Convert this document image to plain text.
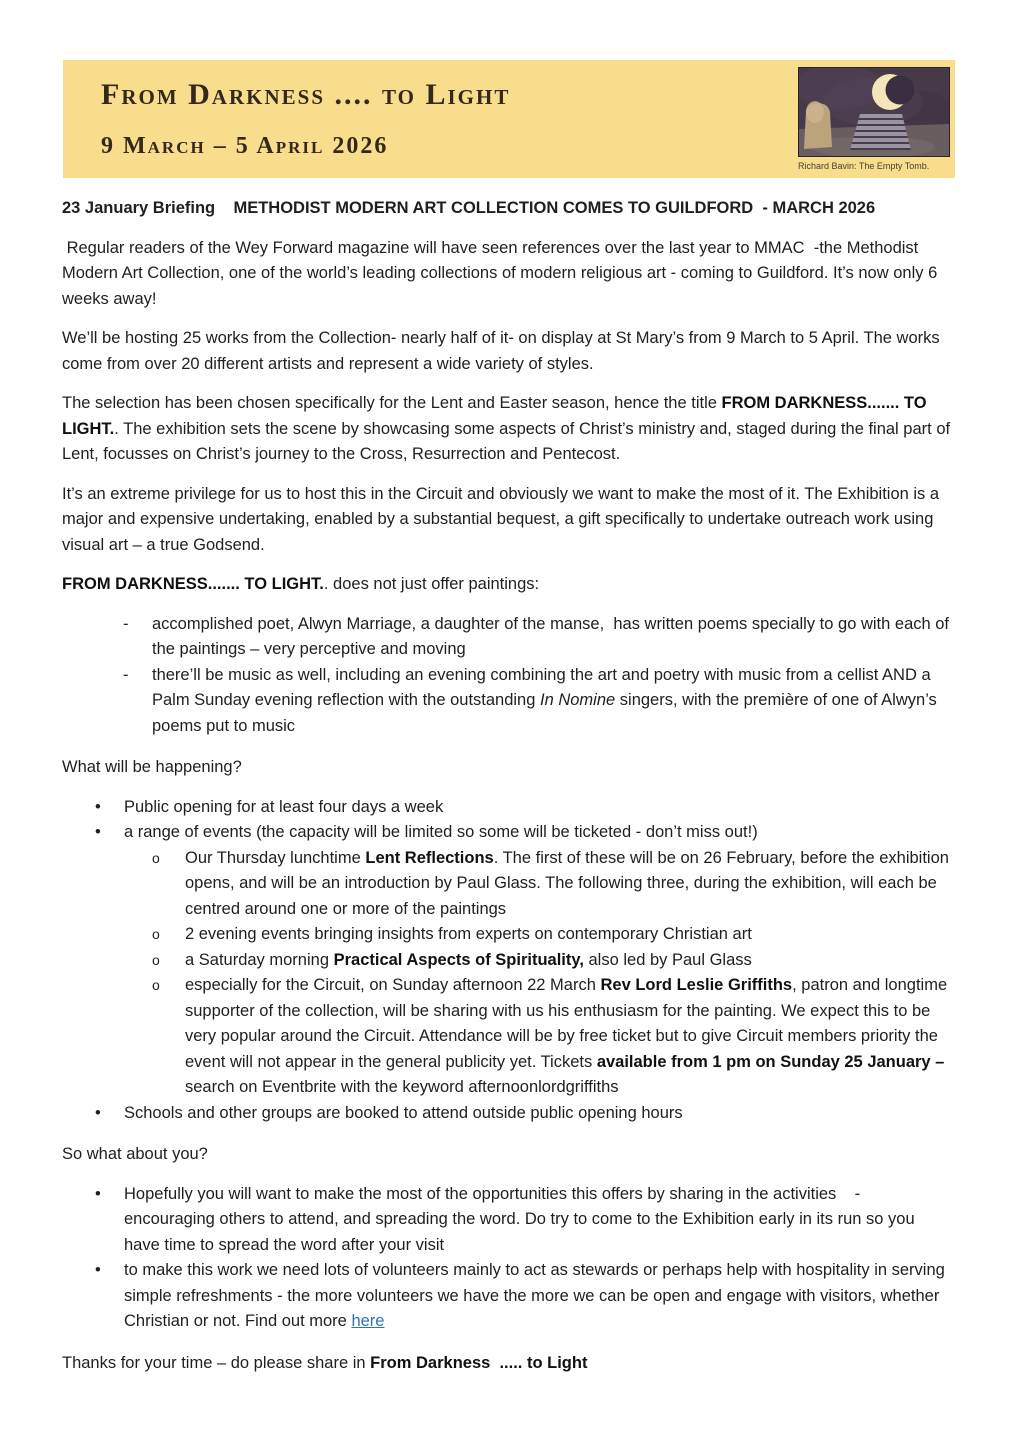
From Darkness .... to Light
9 March – 5 April 2026
Richard Bavin: The Empty Tomb.

23 January Briefing    METHODIST MODERN ART COLLECTION COMES TO GUILDFORD  - MARCH 2026

Regular readers of the Wey Forward magazine will have seen references over the last year to MMAC  -the Methodist Modern Art Collection, one of the world’s leading collections of modern religious art - coming to Guildford. It’s now only 6 weeks away!

We’ll be hosting 25 works from the Collection- nearly half of it- on display at St Mary’s from 9 March to 5 April. The works come from over 20 different artists and represent a wide variety of styles.

The selection has been chosen specifically for the Lent and Easter season, hence the title FROM DARKNESS....... TO LIGHT.. The exhibition sets the scene by showcasing some aspects of Christ’s ministry and, staged during the final part of Lent, focusses on Christ’s journey to the Cross, Resurrection and Pentecost.

It’s an extreme privilege for us to host this in the Circuit and obviously we want to make the most of it. The Exhibition is a major and expensive undertaking, enabled by a substantial bequest, a gift specifically to undertake outreach work using visual art – a true Godsend.

FROM DARKNESS....... TO LIGHT.. does not just offer paintings:

-	accomplished poet, Alwyn Marriage, a daughter of the manse,  has written poems specially to go with each of the paintings – very perceptive and moving
-	there’ll be music as well, including an evening combining the art and poetry with music from a cellist AND a Palm Sunday evening reflection with the outstanding In Nomine singers, with the première of one of Alwyn’s poems put to music

What will be happening?

•	Public opening for at least four days a week
•	a range of events (the capacity will be limited so some will be ticketed - don’t miss out!)
o	Our Thursday lunchtime Lent Reflections. The first of these will be on 26 February, before the exhibition opens, and will be an introduction by Paul Glass. The following three, during the exhibition, will each be centred around one or more of the paintings
o	2 evening events bringing insights from experts on contemporary Christian art
o	a Saturday morning Practical Aspects of Spirituality, also led by Paul Glass
o	especially for the Circuit, on Sunday afternoon 22 March Rev Lord Leslie Griffiths, patron and longtime supporter of the collection, will be sharing with us his enthusiasm for the painting. We expect this to be very popular around the Circuit. Attendance will be by free ticket but to give Circuit members priority the event will not appear in the general publicity yet. Tickets available from 1 pm on Sunday 25 January – search on Eventbrite with the keyword afternoonlordgriffiths
•	Schools and other groups are booked to attend outside public opening hours

So what about you?

•	Hopefully you will want to make the most of the opportunities this offers by sharing in the activities    - encouraging others to attend, and spreading the word. Do try to come to the Exhibition early in its run so you have time to spread the word after your visit
•	to make this work we need lots of volunteers mainly to act as stewards or perhaps help with hospitality in serving simple refreshments - the more volunteers we have the more we can be open and engage with visitors, whether Christian or not. Find out more here

Thanks for your time – do please share in From Darkness  ..... to Light
